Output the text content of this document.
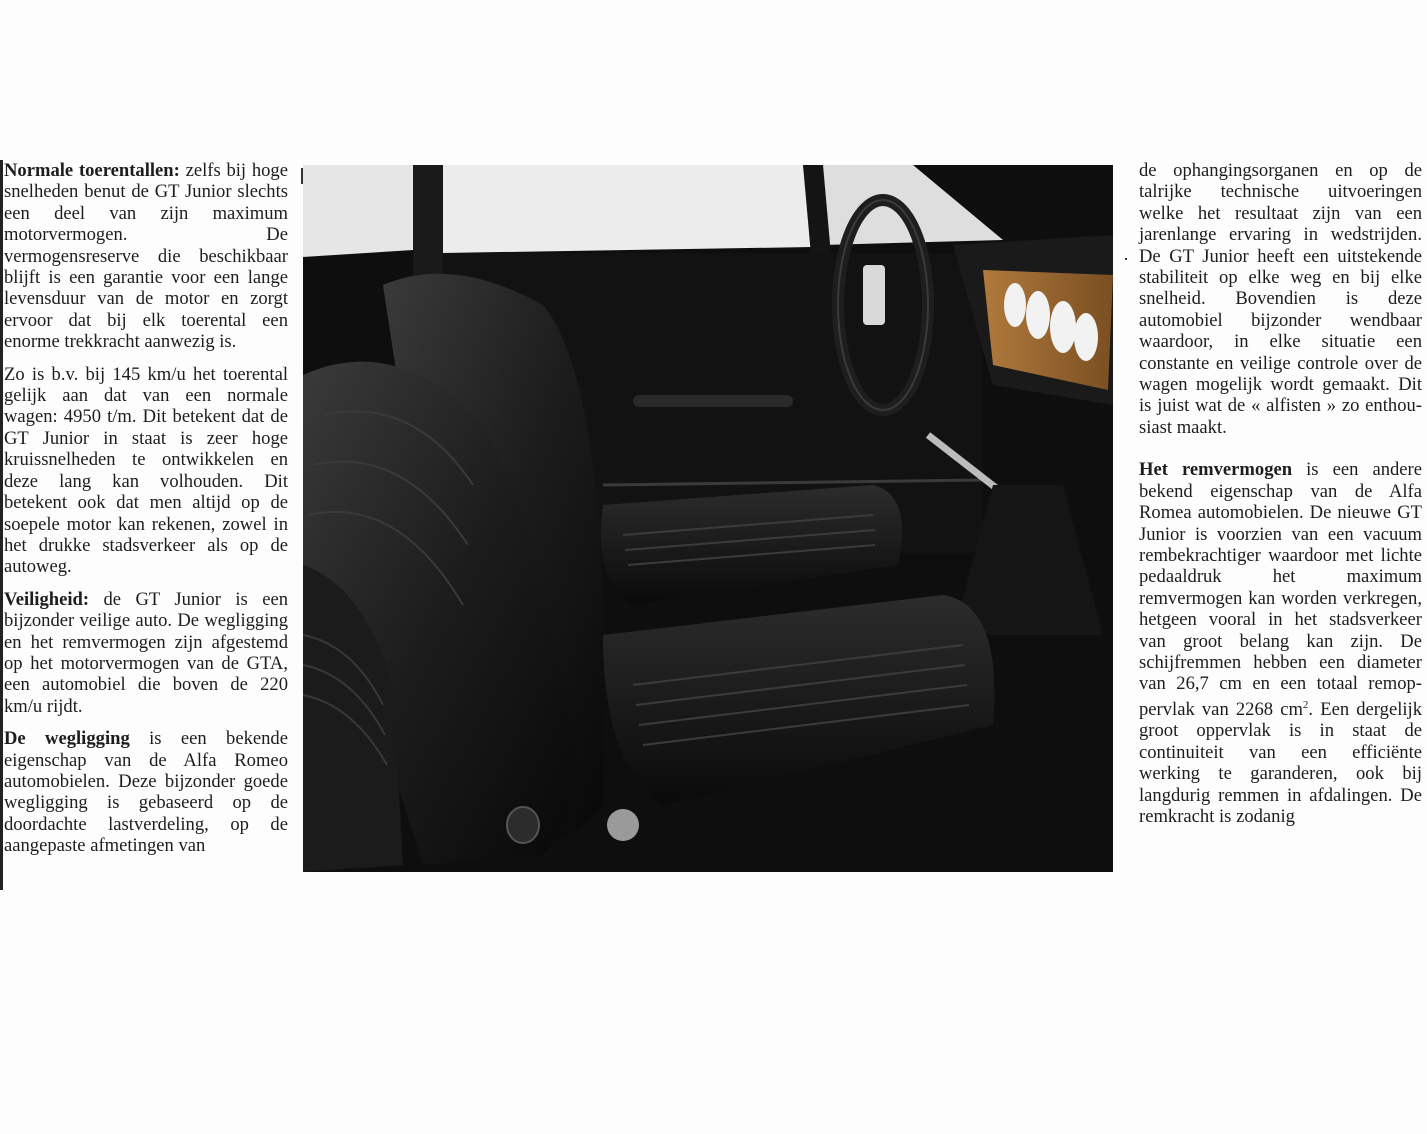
Normale toerentallen: zelfs bij hoge snelheden benut de GT Junior slechts een deel van zijn maximum motorvermogen. De vermogensreserve die beschikbaar blijft is een garantie voor een lange levensduur van de motor en zorgt ervoor dat bij elk toerental een enorme trekkracht aanwezig is.

Zo is b.v. bij 145 km/u het toerental gelijk aan dat van een normale wagen: 4950 t/m. Dit betekent dat de GT Junior in staat is zeer hoge kruissnelheden te ontwikkelen en deze lang kan volhouden. Dit betekent ook dat men altijd op de soepele motor kan rekenen, zowel in het drukke stadsverkeer als op de autoweg.

Veiligheid: de GT Junior is een bijzonder veilige auto. De wegligging en het remvermogen zijn afgestemd op het motorvermogen van de GTA, een automobiel die boven de 220 km/u rijdt.

De wegligging is een bekende eigenschap van de Alfa Romeo automobielen. Deze bijzonder goede wegligging is gebaseerd op de doordachte lastverdeling, op de aangepaste afmetingen van

de ophangingsorganen en op de talrijke technische uitvoeringen welke het resultaat zijn van een jarenlange ervaring in wedstrijden. De GT Junior heeft een uitstekende stabiliteit op elke weg en bij elke snelheid. Bovendien is deze automobiel bijzonder wendbaar waardoor, in elke situatie een constante en veilige controle over de wagen mogelijk wordt gemaakt. Dit is juist wat de « alfisten » zo enthousiast maakt.

Het remvermogen is een andere bekend eigenschap van de Alfa Romea automobielen. De nieuwe GT Junior is voorzien van een vacuum rembekrachtiger waardoor met lichte pedaaldruk het maximum remvermogen kan worden verkregen, hetgeen vooral in het stadsverkeer van groot belang kan zijn. De schijfremmen hebben een diameter van 26,7 cm en een totaal remoppervlak van 2268 $cm^2$. Een dergelijk groot oppervlak is in staat de continuiteit van een efficiënte werking te garanderen, ook bij langdurig remmen in afdalingen. De remkracht is zodanig
